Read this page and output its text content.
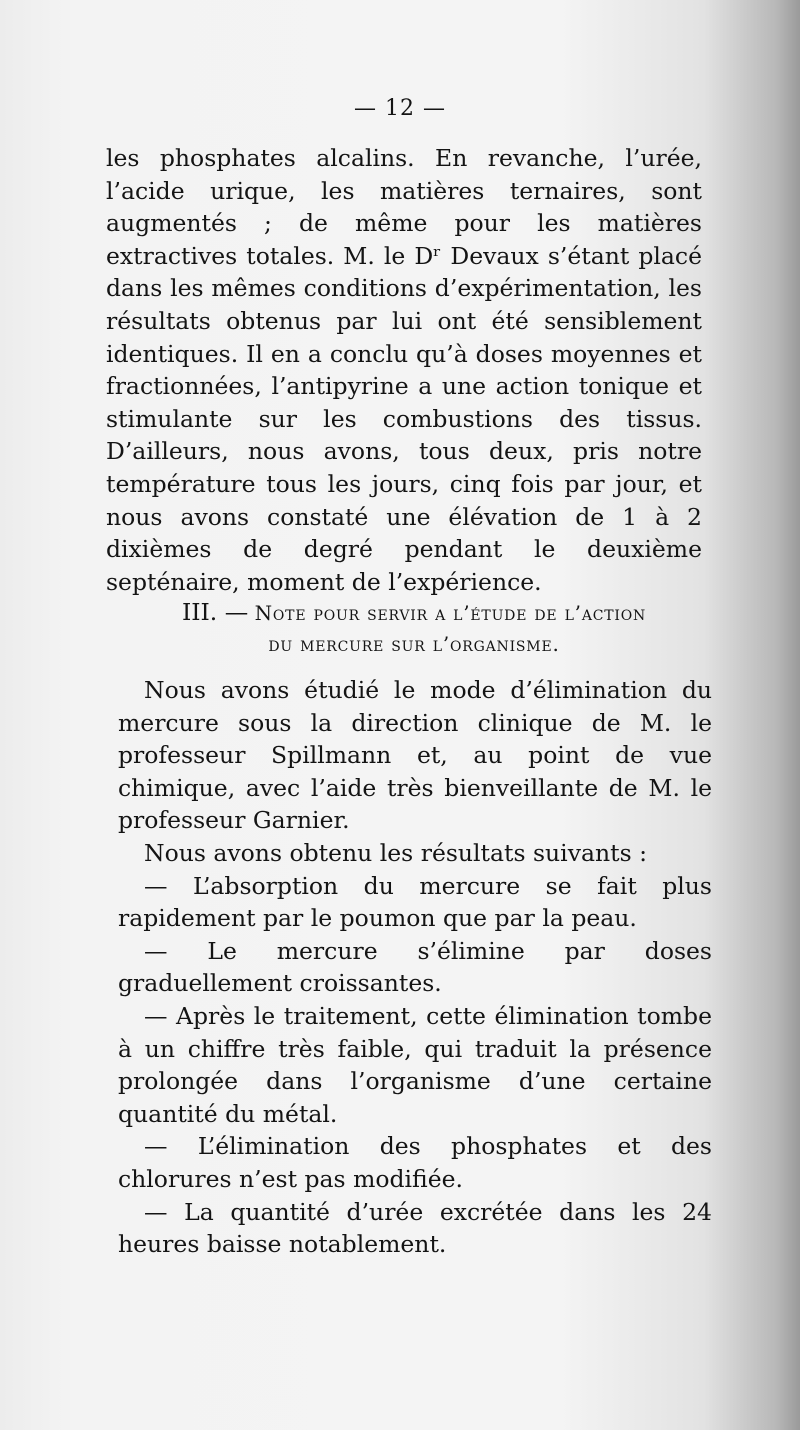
— 12 —

les phosphates alcalins. En revanche, l’urée, l’acide urique, les matières ternaires, sont augmentés ; de même pour les matières extractives totales. M. le Dʳ Devaux s’étant placé dans les mêmes conditions d’expérimentation, les résultats obtenus par lui ont été sensiblement identiques. Il en a conclu qu’à doses moyennes et fractionnées, l’antipyrine a une action tonique et stimulante sur les combustions des tissus. D’ailleurs, nous avons, tous deux, pris notre température tous les jours, cinq fois par jour, et nous avons constaté une élévation de 1 à 2 dixièmes de degré pendant le deuxième septénaire, moment de l’expérience.

III. — Note pour servir a l’étude de l’action
du mercure sur l’organisme.

Nous avons étudié le mode d’élimination du mercure sous la direction clinique de M. le professeur Spillmann et, au point de vue chimique, avec l’aide très bienveillante de M. le professeur Garnier.

Nous avons obtenu les résultats suivants :

— L’absorption du mercure se fait plus rapidement par le poumon que par la peau.

— Le mercure s’élimine par doses graduellement croissantes.

— Après le traitement, cette élimination tombe à un chiffre très faible, qui traduit la présence prolongée dans l’organisme d’une certaine quantité du métal.

— L’élimination des phosphates et des chlorures n’est pas modifiée.

— La quantité d’urée excrétée dans les 24 heures baisse notablement.
